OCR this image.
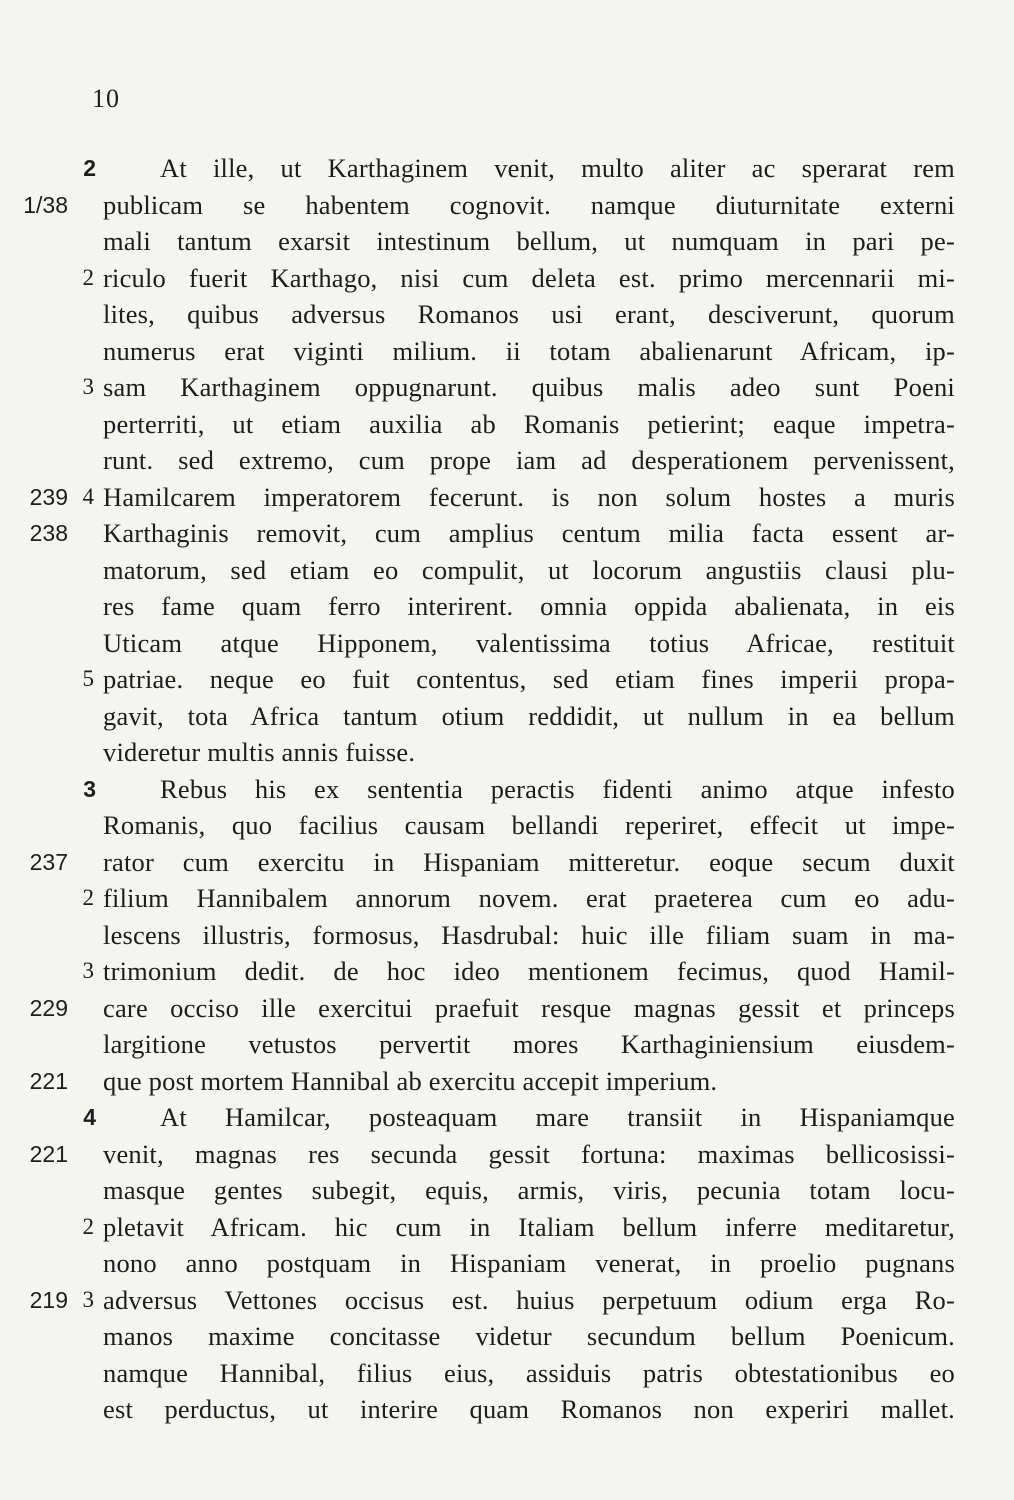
10
2 At ille, ut Karthaginem venit, multo aliter ac sperarat rem
1/38 publicam se habentem cognovit. namque diuturnitate externi
mali tantum exarsit intestinum bellum, ut numquam in pari pe-
2 riculo fuerit Karthago, nisi cum deleta est. primo mercennarii mi-
lites, quibus adversus Romanos usi erant, desciverunt, quorum
numerus erat viginti milium. ii totam abalienarunt Africam, ip-
3 sam Karthaginem oppugnarunt. quibus malis adeo sunt Poeni
perterriti, ut etiam auxilia ab Romanis petierint; eaque impetra-
runt. sed extremo, cum prope iam ad desperationem pervenissent,
239 4 Hamilcarem imperatorem fecerunt. is non solum hostes a muris
238 Karthaginis removit, cum amplius centum milia facta essent ar-
matorum, sed etiam eo compulit, ut locorum angustiis clausi plu-
res fame quam ferro interirent. omnia oppida abalienata, in eis
Uticam atque Hipponem, valentissima totius Africae, restituit
5 patriae. neque eo fuit contentus, sed etiam fines imperii propa-
gavit, tota Africa tantum otium reddidit, ut nullum in ea bellum
videretur multis annis fuisse.
3 Rebus his ex sententia peractis fidenti animo atque infesto
Romanis, quo facilius causam bellandi reperiret, effecit ut impe-
237 rator cum exercitu in Hispaniam mitteretur. eoque secum duxit
2 filium Hannibalem annorum novem. erat praeterea cum eo adu-
lescens illustris, formosus, Hasdrubal: huic ille filiam suam in ma-
3 trimonium dedit. de hoc ideo mentionem fecimus, quod Hamil-
229 care occiso ille exercitui praefuit resque magnas gessit et princeps
largitione vetustos pervertit mores Karthaginiensium eiusdem-
221 que post mortem Hannibal ab exercitu accepit imperium.
4 At Hamilcar, posteaquam mare transiit in Hispaniamque
221 venit, magnas res secunda gessit fortuna: maximas bellicosissi-
masque gentes subegit, equis, armis, viris, pecunia totam locu-
2 pletavit Africam. hic cum in Italiam bellum inferre meditaretur,
nono anno postquam in Hispaniam venerat, in proelio pugnans
219 3 adversus Vettones occisus est. huius perpetuum odium erga Ro-
manos maxime concitasse videtur secundum bellum Poenicum.
namque Hannibal, filius eius, assiduis patris obtestationibus eo
est perductus, ut interire quam Romanos non experiri mallet.
